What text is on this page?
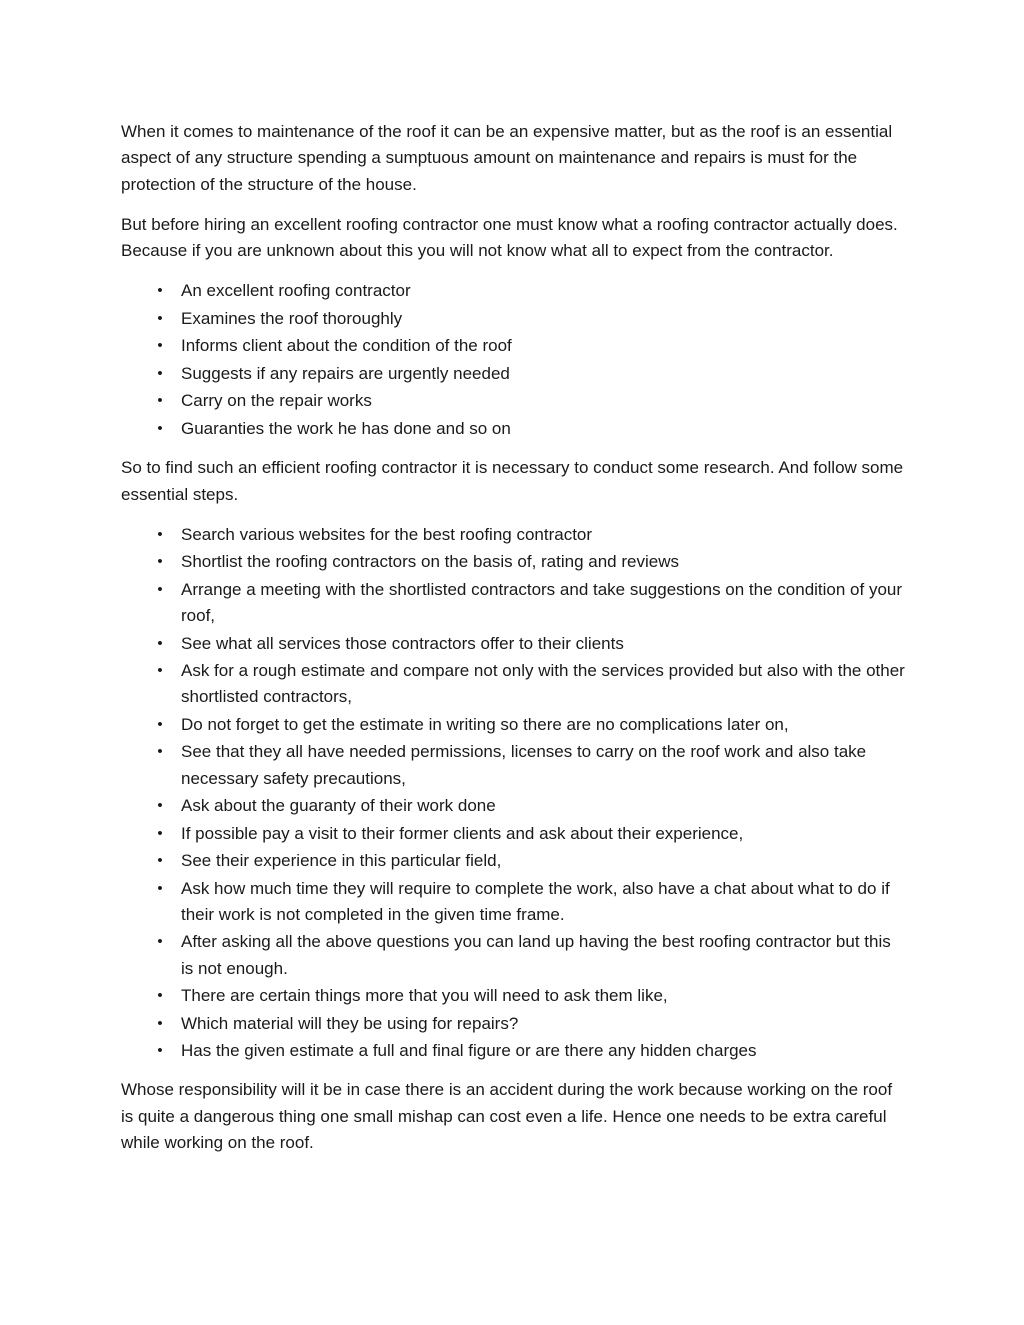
When it comes to maintenance of the roof it can be an expensive matter, but as the roof is an essential aspect of any structure spending a sumptuous amount on maintenance and repairs is must for the protection of the structure of the house.

But before hiring an excellent roofing contractor one must know what a roofing contractor actually does. Because if you are unknown about this you will not know what all to expect from the contractor.

• An excellent roofing contractor
• Examines the roof thoroughly
• Informs client about the condition of the roof
• Suggests if any repairs are urgently needed
• Carry on the repair works
• Guaranties the work he has done and so on

So to find such an efficient roofing contractor it is necessary to conduct some research. And follow some essential steps.

• Search various websites for the best roofing contractor
• Shortlist the roofing contractors on the basis of, rating and reviews
• Arrange a meeting with the shortlisted contractors and take suggestions on the condition of your roof,
• See what all services those contractors offer to their clients
• Ask for a rough estimate and compare not only with the services provided but also with the other shortlisted contractors,
• Do not forget to get the estimate in writing so there are no complications later on,
• See that they all have needed permissions, licenses to carry on the roof work and also take necessary safety precautions,
• Ask about the guaranty of their work done
• If possible pay a visit to their former clients and ask about their experience,
• See their experience in this particular field,
• Ask how much time they will require to complete the work, also have a chat about what to do if their work is not completed in the given time frame.
• After asking all the above questions you can land up having the best roofing contractor but this is not enough.
• There are certain things more that you will need to ask them like,
• Which material will they be using for repairs?
• Has the given estimate a full and final figure or are there any hidden charges

Whose responsibility will it be in case there is an accident during the work because working on the roof is quite a dangerous thing one small mishap can cost even a life. Hence one needs to be extra careful while working on the roof.
